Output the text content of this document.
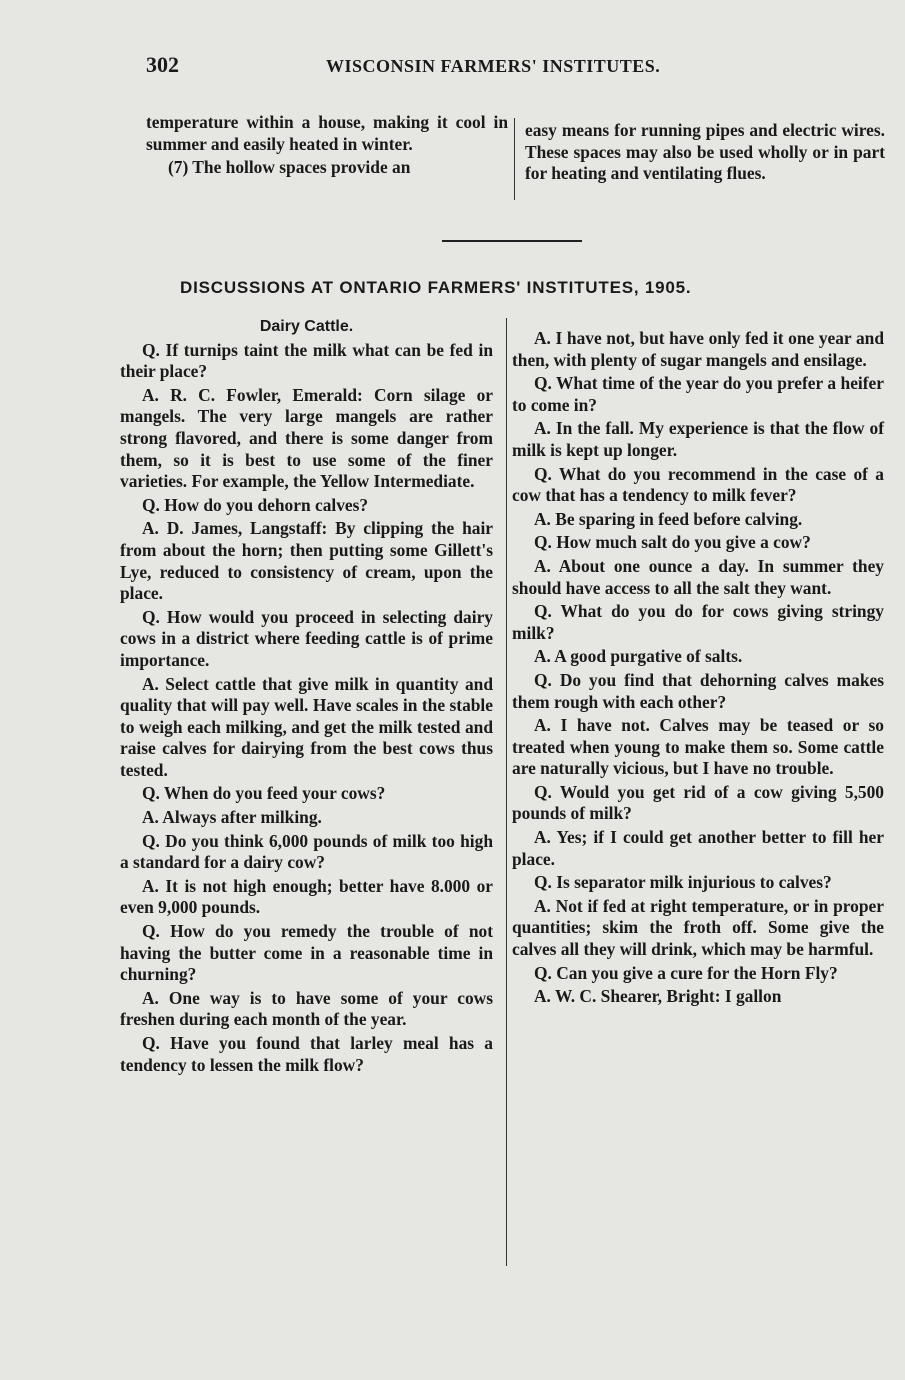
302	WISCONSIN FARMERS' INSTITUTES.

temperature within a house, making it cool in summer and easily heated in winter.

(7) The hollow spaces provide an

easy means for running pipes and electric wires. These spaces may also be used wholly or in part for heating and ventilating flues.

DISCUSSIONS AT ONTARIO FARMERS' INSTITUTES, 1905.

Dairy Cattle.

Q. If turnips taint the milk what can be fed in their place?

A. R. C. Fowler, Emerald: Corn silage or mangels. The very large mangels are rather strong flavored, and there is some danger from them, so it is best to use some of the finer varieties. For example, the Yellow Intermediate.

Q. How do you dehorn calves?

A. D. James, Langstaff: By clipping the hair from about the horn; then putting some Gillett's Lye, reduced to consistency of cream, upon the place.

Q. How would you proceed in selecting dairy cows in a district where feeding cattle is of prime importance.

A. Select cattle that give milk in quantity and quality that will pay well. Have scales in the stable to weigh each milking, and get the milk tested and raise calves for dairying from the best cows thus tested.

Q. When do you feed your cows?

A. Always after milking.

Q. Do you think 6,000 pounds of milk too high a standard for a dairy cow?

A. It is not high enough; better have 8.000 or even 9,000 pounds.

Q. How do you remedy the trouble of not having the butter come in a reasonable time in churning?

A. One way is to have some of your cows freshen during each month of the year.

Q. Have you found that larley meal has a tendency to lessen the milk flow?

A. I have not, but have only fed it one year and then, with plenty of sugar mangels and ensilage.

Q. What time of the year do you prefer a heifer to come in?

A. In the fall. My experience is that the flow of milk is kept up longer.

Q. What do you recommend in the case of a cow that has a tendency to milk fever?

A. Be sparing in feed before calving.

Q. How much salt do you give a cow?

A. About one ounce a day. In summer they should have access to all the salt they want.

Q. What do you do for cows giving stringy milk?

A. A good purgative of salts.

Q. Do you find that dehorning calves makes them rough with each other?

A. I have not. Calves may be teased or so treated when young to make them so. Some cattle are naturally vicious, but I have no trouble.

Q. Would you get rid of a cow giving 5,500 pounds of milk?

A. Yes; if I could get another better to fill her place.

Q. Is separator milk injurious to calves?

A. Not if fed at right temperature, or in proper quantities; skim the froth off. Some give the calves all they will drink, which may be harmful.

Q. Can you give a cure for the Horn Fly?

A. W. C. Shearer, Bright: I gallon
